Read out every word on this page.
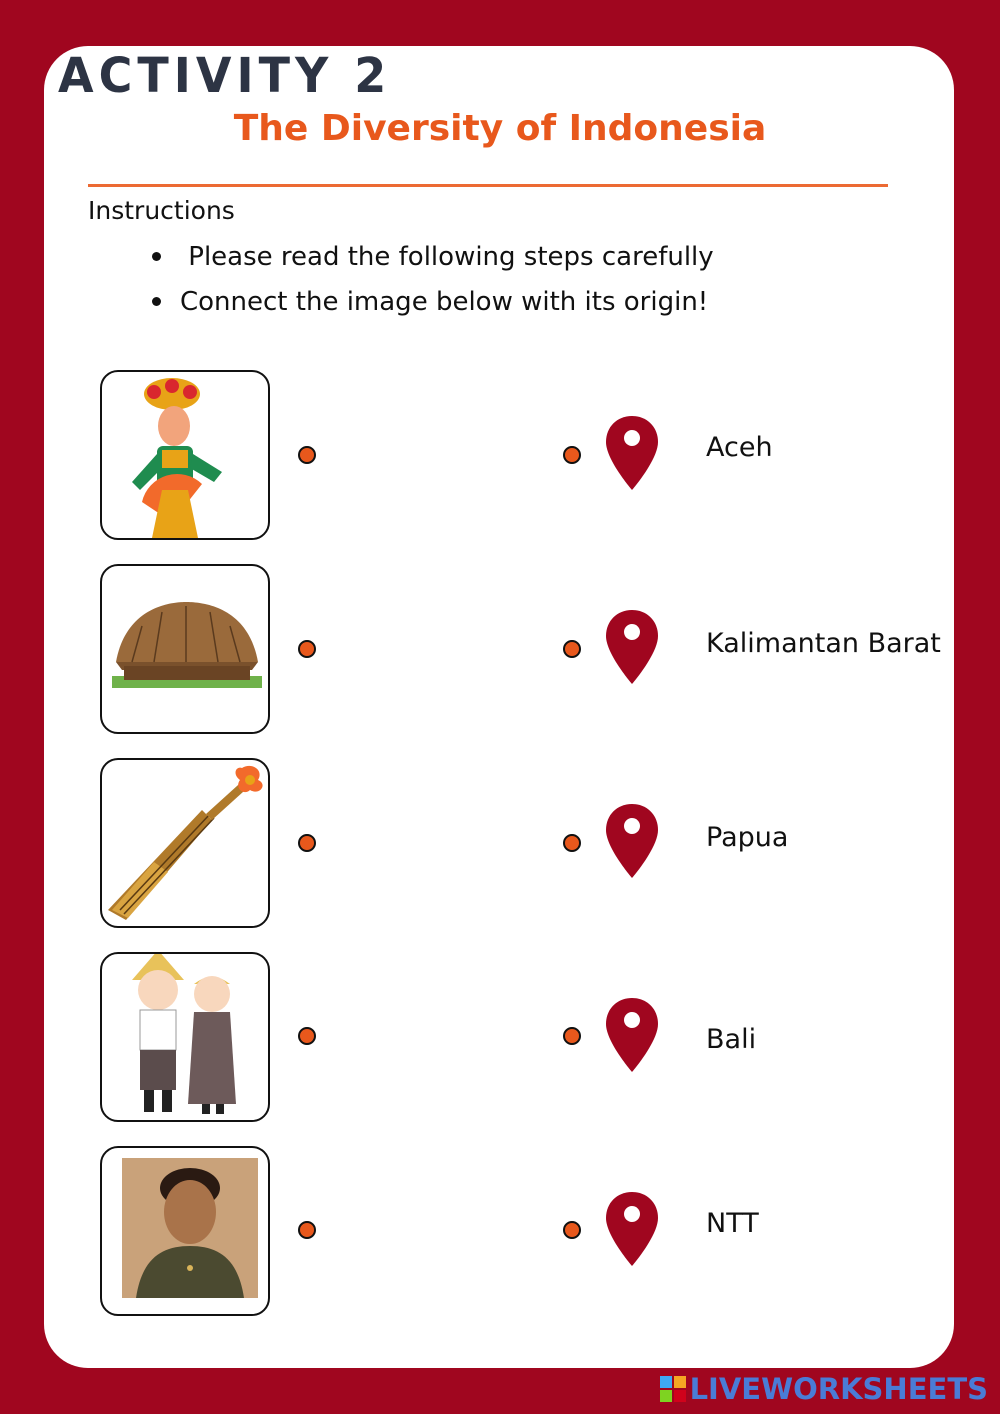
ACTIVITY 2
The Diversity of Indonesia
Instructions
Please read the following steps carefully
Connect the image below with its origin!
Aceh
Kalimantan Barat
Papua
Bali
NTT
LIVEWORKSHEETS
